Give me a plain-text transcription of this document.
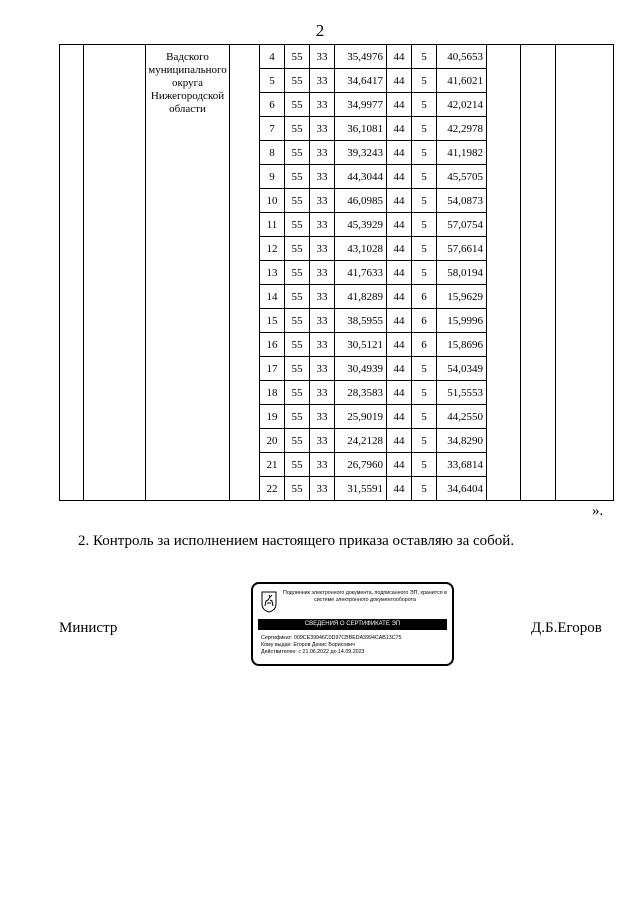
2
		Вадского муниципального округа Нижегородской области		4	55	33	35,4976	44	5	40,5653			
				5	55	33	34,6417	44	5	41,6021			
				6	55	33	34,9977	44	5	42,0214			
				7	55	33	36,1081	44	5	42,2978			
				8	55	33	39,3243	44	5	41,1982			
				9	55	33	44,3044	44	5	45,5705			
				10	55	33	46,0985	44	5	54,0873			
				11	55	33	45,3929	44	5	57,0754			
				12	55	33	43,1028	44	5	57,6614			
				13	55	33	41,7633	44	5	58,0194			
				14	55	33	41,8289	44	6	15,9629			
				15	55	33	38,5955	44	6	15,9996			
				16	55	33	30,5121	44	6	15,8696			
				17	55	33	30,4939	44	5	54,0349			
				18	55	33	28,3583	44	5	51,5553			
				19	55	33	25,9019	44	5	44,2550			
				20	55	33	24,2128	44	5	34,8290			
				21	55	33	26,7960	44	5	33,6814			
				22	55	33	31,5591	44	5	34,6404			
».
2. Контроль за исполнением настоящего приказа оставляю за собой.
Министр
Подлинник электронного документа, подписанного ЭП, хранится в системе электронного документооборота
СВЕДЕНИЯ О СЕРТИФИКАТЕ ЭП
Сертификат: 009CE39946C0D97CBBEDA3994CAB13C75
Кому выдан: Егоров Денис Борисович
Действителен: с 21.06.2022 до 14.09.2023
Д.Б.Егоров
